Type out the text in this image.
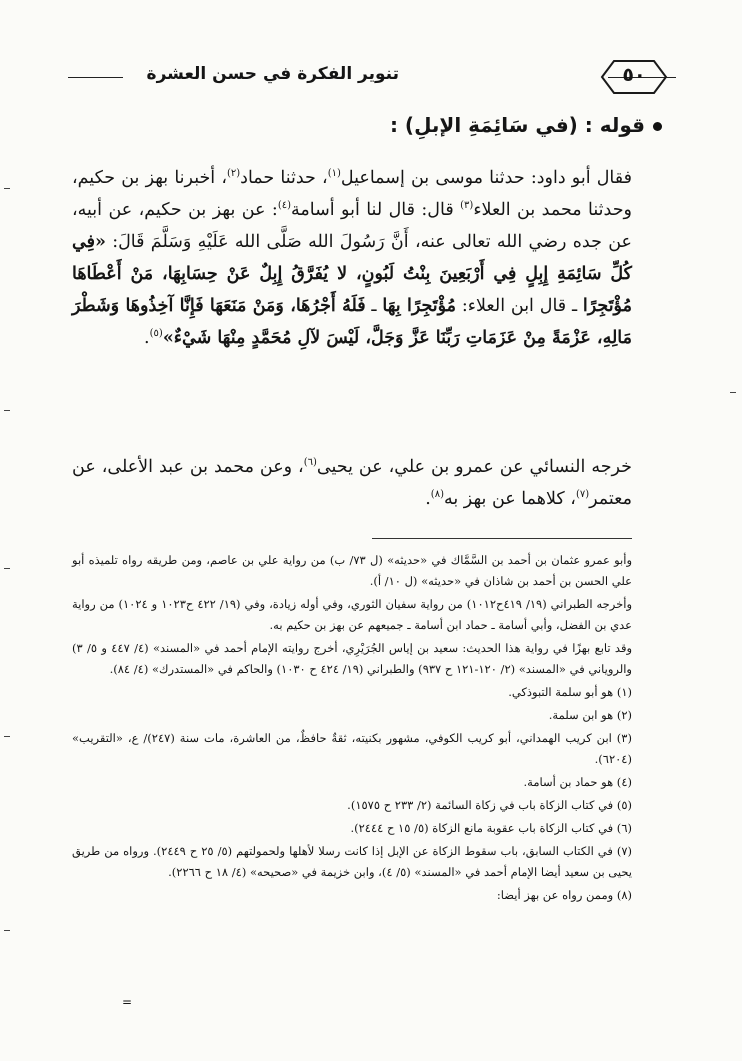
٥٠
تنوير الفكرة في حسن العشرة
قوله : (في سَائِمَةِ الإبلِ) :
فقال أبو داود: حدثنا موسى بن إسماعيل$^{(١)}$، حدثنا حماد$^{(٢)}$، أخبرنا بهز بن حكيم، وحدثنا محمد بن العلاء$^{(٣)}$ قال: قال لنا أبو أسامة$^{(٤)}$: عن بهز بن حكيم، عن أبيه، عن جده رضي الله تعالى عنه، أَنَّ رَسُولَ الله صَلَّى الله عَلَيْهِ وَسَلَّمَ قَالَ: «فِي كُلِّ سَائِمَةِ إِبِلٍ فِي أَرْبَعِينَ بِنْتُ لَبُونٍ، لا يُفَرَّقُ إِبِلٌ عَنْ حِسَابِهَا، مَنْ أَعْطَاهَا مُؤْتَجِرًا ـ قال ابن العلاء: مُؤْتَجِرًا بِهَا ـ فَلَهُ أَجْرُهَا، وَمَنْ مَنَعَهَا فَإِنَّا آخِذُوهَا وَشَطْرَ مَالِهِ، عَزْمَةً مِنْ عَزَمَاتِ رَبِّنَا عَزَّ وَجَلَّ، لَيْسَ لآلِ مُحَمَّدٍ مِنْهَا شَيْءٌ»$^{(٥)}$.
خرجه النسائي عن عمرو بن علي، عن يحيى$^{(٦)}$، وعن محمد بن عبد الأعلى، عن معتمر$^{(٧)}$، كلاهما عن بهز به$^{(٨)}$.

وأبو عمرو عثمان بن أحمد بن السَّمَّاك في «حديثه» (ل ٧٣/ ب) من رواية علي بن عاصم، ومن طريقه رواه تلميذه أبو علي الحسن بن أحمد بن شاذان في «حديثه» (ل ١٠/ أ).

وأخرجه الطبراني (١٩/ ٤١٩ح١٠١٢) من رواية سفيان الثوري، وفي أوله زيادة، وفي (١٩/ ٤٢٢ ح١٠٢٣ و ١٠٢٤) من رواية عدي بن الفضل، وأبي أسامة ـ حماد ابن أسامة ـ جميعهم عن بهز بن حكيم به.

وقد تابع بهزًا في رواية هذا الحديث: سعيد بن إياس الجُرَيْرِي، أخرج روايته الإمام أحمد في «المسند» (٤/ ٤٤٧ و ٥/ ٣) والروياني في «المسند» (٢/ ١٢٠-١٢١ ح ٩٣٧) والطبراني (١٩/ ٤٢٤ ح ١٠٣٠) والحاكم في «المستدرك» (٤/ ٨٤).

(١) هو أبو سلمة التبوذكي.

(٢) هو ابن سلمة.

(٣) ابن كريب الهمداني، أبو كريب الكوفي، مشهور بكنيته، ثقةٌ حافظٌ، من العاشرة، مات سنة (٢٤٧)/ ع، «التقريب» (٦٢٠٤).

(٤) هو حماد بن أسامة.

(٥) في كتاب الزكاة باب في زكاة السائمة (٢/ ٢٣٣ ح ١٥٧٥).

(٦) في كتاب الزكاة باب عقوبة مانع الزكاة (٥/ ١٥ ح ٢٤٤٤).

(٧) في الكتاب السابق، باب سقوط الزكاة عن الإبل إذا كانت رسلا لأهلها ولحمولتهم (٥/ ٢٥ ح ٢٤٤٩). ورواه من طريق يحيى بن سعيد أيضا الإمام أحمد في «المسند» (٥/ ٤)، وابن خزيمة في «صحيحه» (٤/ ١٨ ح ٢٢٦٦).

(٨) وممن رواه عن بهز أيضا:

=
